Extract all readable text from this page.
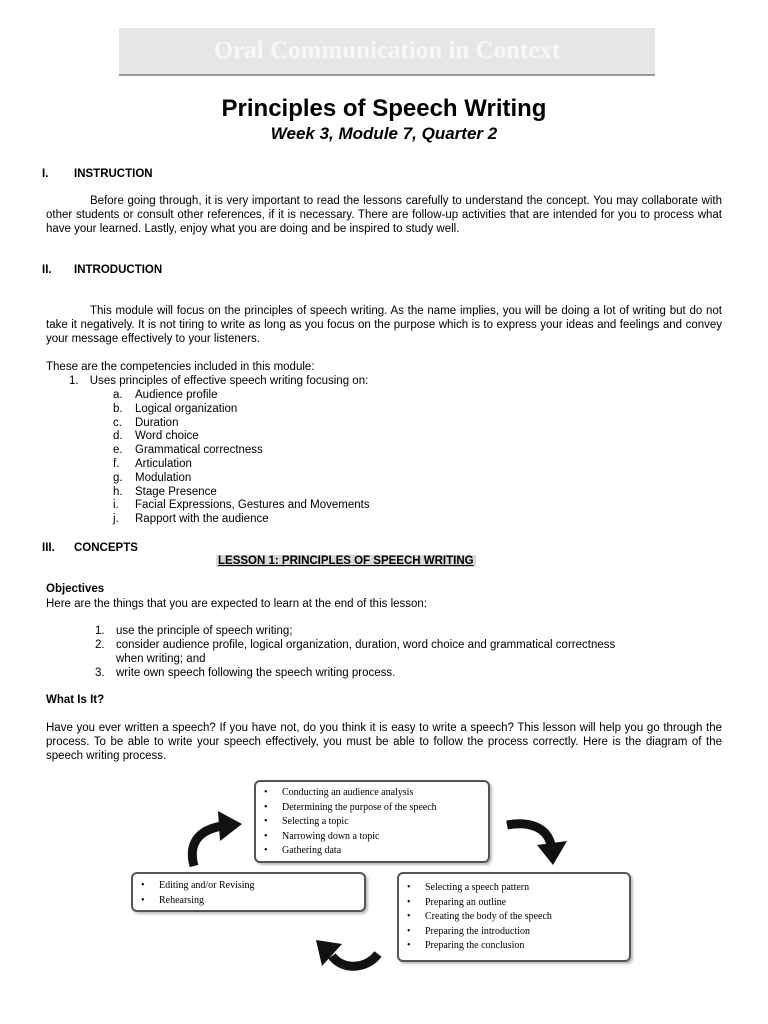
Oral Communication in Context
Principles of Speech Writing
Week 3, Module 7, Quarter 2
I. INSTRUCTION
Before going through, it is very important to read the lessons carefully to understand the concept. You may collaborate with other students or consult other references, if it is necessary. There are follow-up activities that are intended for you to process what have your learned. Lastly, enjoy what you are doing and be inspired to study well.
II. INTRODUCTION
This module will focus on the principles of speech writing. As the name implies, you will be doing a lot of writing but do not take it negatively. It is not tiring to write as long as you focus on the purpose which is to express your ideas and feelings and convey your message effectively to your listeners.
These are the competencies included in this module:
1. Uses principles of effective speech writing focusing on:
a. Audience profile
b. Logical organization
c. Duration
d. Word choice
e. Grammatical correctness
f. Articulation
g. Modulation
h. Stage Presence
i. Facial Expressions, Gestures and Movements
j. Rapport with the audience
III. CONCEPTS
LESSON 1: PRINCIPLES OF SPEECH WRITING
Objectives
Here are the things that you are expected to learn at the end of this lesson:
1. use the principle of speech writing;
2. consider audience profile, logical organization, duration, word choice and grammatical correctness
when writing; and
3. write own speech following the speech writing process.
What Is It?
Have you ever written a speech? If you have not, do you think it is easy to write a speech? This lesson will help you go through the process. To be able to write your speech effectively, you must be able to follow the process correctly. Here is the diagram of the speech writing process.
• Conducting an audience analysis
• Determining the purpose of the speech
• Selecting a topic
• Narrowing down a topic
• Gathering data
• Editing and/or Revising
• Rehearsing
• Selecting a speech pattern
• Preparing an outline
• Creating the body of the speech
• Preparing the introduction
• Preparing the conclusion
